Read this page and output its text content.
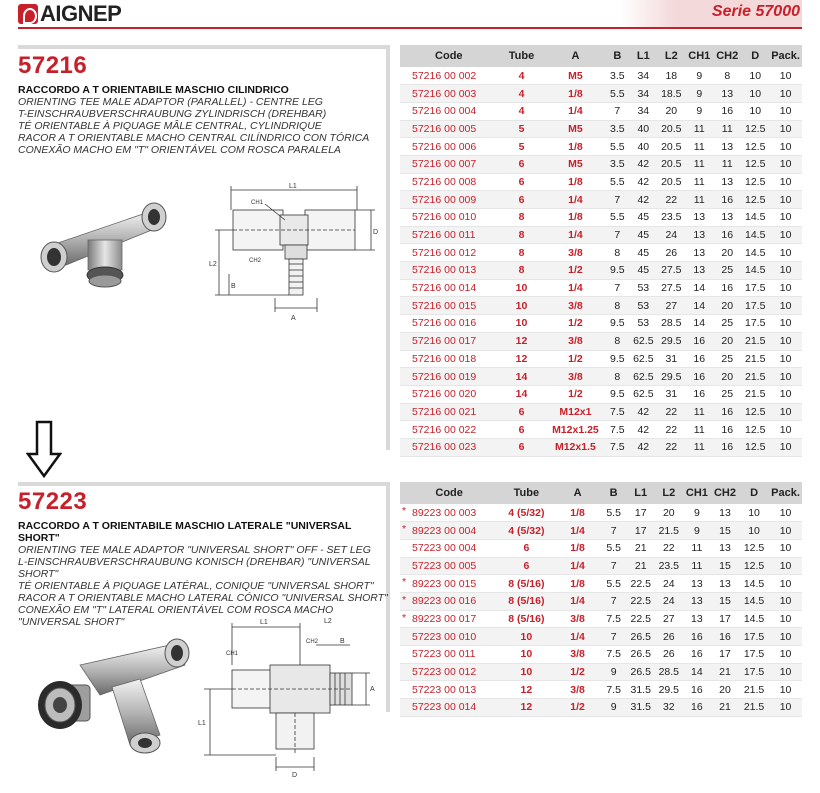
AIGNEP	Serie 57000
57216
RACCORDO A T ORIENTABILE MASCHIO CILINDRICO
ORIENTING TEE MALE ADAPTOR (PARALLEL) - CENTRE LEG
T-EINSCHRAUBVERSCHRAUBUNG ZYLINDRISCH (DREHBAR)
TÉ ORIENTABLE À PIQUAGE MÂLE CENTRAL, CYLINDRIQUE
RACOR A T ORIENTABLE MACHO CENTRAL CILÍNDRICO CON TÓRICA
CONEXÃO MACHO EM "T" ORIENTÁVEL COM ROSCA PARALELA
L1
CH1
CH2
L2
B
A
D
Code	Tube	A	B	L1	L2	CH1	CH2	D	Pack.

57216 00 002	4	M5	3.5	34	18	9	8	10	10

57216 00 003	4	1/8	5.5	34	18.5	9	13	10	10

57216 00 004	4	1/4	7	34	20	9	16	10	10

57216 00 005	5	M5	3.5	40	20.5	11	11	12.5	10

57216 00 006	5	1/8	5.5	40	20.5	11	13	12.5	10

57216 00 007	6	M5	3.5	42	20.5	11	11	12.5	10

57216 00 008	6	1/8	5.5	42	20.5	11	13	12.5	10

57216 00 009	6	1/4	7	42	22	11	16	12.5	10

57216 00 010	8	1/8	5.5	45	23.5	13	13	14.5	10

57216 00 011	8	1/4	7	45	24	13	16	14.5	10

57216 00 012	8	3/8	8	45	26	13	20	14.5	10

57216 00 013	8	1/2	9.5	45	27.5	13	25	14.5	10

57216 00 014	10	1/4	7	53	27.5	14	16	17.5	10

57216 00 015	10	3/8	8	53	27	14	20	17.5	10

57216 00 016	10	1/2	9.5	53	28.5	14	25	17.5	10

57216 00 017	12	3/8	8	62.5	29.5	16	20	21.5	10

57216 00 018	12	1/2	9.5	62.5	31	16	25	21.5	10

57216 00 019	14	3/8	8	62.5	29.5	16	20	21.5	10

57216 00 020	14	1/2	9.5	62.5	31	16	25	21.5	10

57216 00 021	6	M12x1	7.5	42	22	11	16	12.5	10

57216 00 022	6	M12x1.25	7.5	42	22	11	16	12.5	10

57216 00 023	6	M12x1.5	7.5	42	22	11	16	12.5	10
57223
RACCORDO A T ORIENTABILE MASCHIO LATERALE "UNIVERSAL SHORT"
ORIENTING TEE MALE ADAPTOR "UNIVERSAL SHORT" OFF - SET LEG
L-EINSCHRAUBVERSCHRAUBUNG KONISCH (DREHBAR) "UNIVERSAL SHORT"
TÉ ORIENTABLE À PIQUAGE LATÉRAL, CONIQUE "UNIVERSAL SHORT"
RACOR A T ORIENTABLE MACHO LATERAL CÓNICO "UNIVERSAL SHORT"
CONEXÃO EM "T" LATERAL ORIENTÁVEL COM ROSCA MACHO "UNIVERSAL SHORT"	L1	L2
CH2	B
CH1
A
L1
D
Code	Tube	A	B	L1	L2	CH1	CH2	D	Pack.

* 89223 00 003	4 (5/32)	1/8	5.5	17	20	9	13	10	10

* 89223 00 004	4 (5/32)	1/4	7	17	21.5	9	15	10	10

57223 00 004	6	1/8	5.5	21	22	11	13	12.5	10

57223 00 005	6	1/4	7	21	23.5	11	15	12.5	10

* 89223 00 015	8 (5/16)	1/8	5.5	22.5	24	13	13	14.5	10

* 89223 00 016	8 (5/16)	1/4	7	22.5	24	13	15	14.5	10

* 89223 00 017	8 (5/16)	3/8	7.5	22.5	27	13	17	14.5	10

57223 00 010	10	1/4	7	26.5	26	16	16	17.5	10

57223 00 011	10	3/8	7.5	26.5	26	16	17	17.5	10

57223 00 012	10	1/2	9	26.5	28.5	14	21	17.5	10

57223 00 013	12	3/8	7.5	31.5	29.5	16	20	21.5	10

57223 00 014	12	1/2	9	31.5	32	16	21	21.5	10
